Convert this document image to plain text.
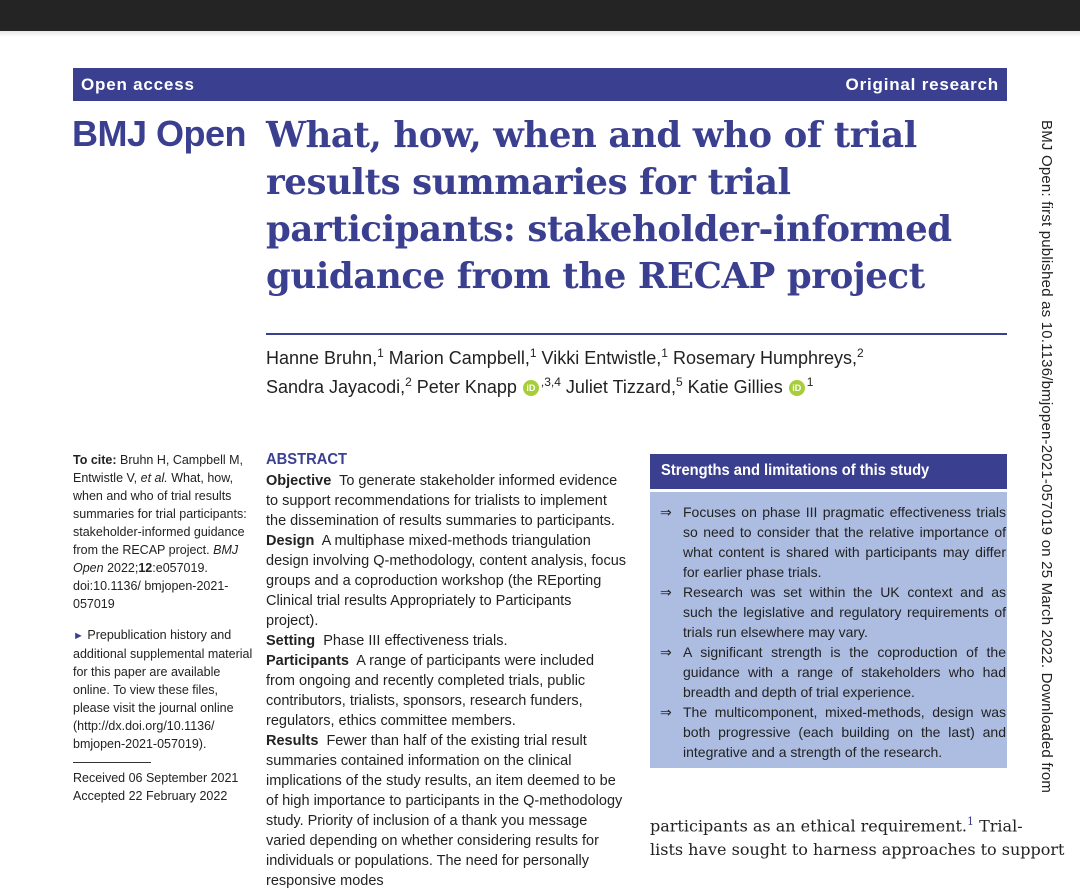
Open access	Original research
BMJ Open What, how, when and who of trial results summaries for trial participants: stakeholder-informed guidance from the RECAP project
Hanne Bruhn,$^1$ Marion Campbell,$^1$ Vikki Entwistle,$^1$ Rosemary Humphreys,$^2$
Sandra Jayacodi,$^2$ Peter Knapp iD $^{,3,4}$ Juliet Tizzard,$^5$ Katie Gillies iD $^1$
To cite: Bruhn H, Campbell M, Entwistle V, et al. What, how, when and who of trial results summaries for trial participants: stakeholder-informed guidance from the RECAP project. BMJ Open 2022;12:e057019. doi:10.1136/ bmjopen-2021-057019
► Prepublication history and additional supplemental material for this paper are available online. To view these files, please visit the journal online (http://dx.doi.org/10.1136/ bmjopen-2021-057019).
Received 06 September 2021
Accepted 22 February 2022
ABSTRACT
Objective To generate stakeholder informed evidence to support recommendations for trialists to implement the dissemination of results summaries to participants.
Design A multiphase mixed-methods triangulation design involving Q-methodology, content analysis, focus groups and a coproduction workshop (the REporting Clinical trial results Appropriately to Participants project).
Setting Phase III effectiveness trials.
Participants A range of participants were included from ongoing and recently completed trials, public contributors, trialists, sponsors, research funders, regulators, ethics committee members.
Results Fewer than half of the existing trial result summaries contained information on the clinical implications of the study results, an item deemed to be of high importance to participants in the Q-methodology study. Priority of inclusion of a thank you message varied depending on whether considering results for individuals or populations. The need for personally responsive modes
Strengths and limitations of this study
⇒ Focuses on phase III pragmatic effectiveness trials so need to consider that the relative importance of what content is shared with participants may differ for earlier phase trials.
⇒ Research was set within the UK context and as such the legislative and regulatory requirements of trials run elsewhere may vary.
⇒ A significant strength is the coproduction of the guidance with a range of stakeholders who had breadth and depth of trial experience.
⇒ The multicomponent, mixed-methods, design was both progressive (each building on the last) and integrative and a strength of the research.
participants as an ethical requirement.$^1$ Trial-
lists have sought to harness approaches to support
BMJ Open: first published as 10.1136/bmjopen-2021-057019 on 25 March 2022. Downloaded from
